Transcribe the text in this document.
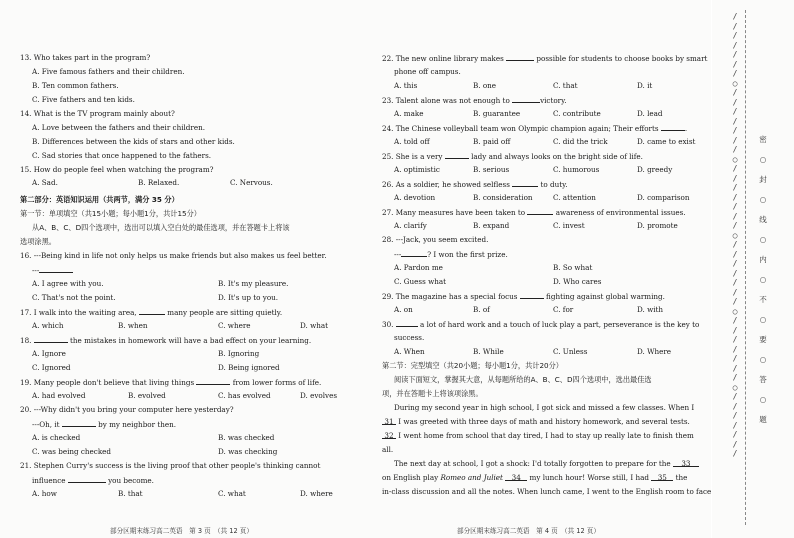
13. Who takes part in the program?
A. Five famous fathers and their children.
B. Ten common fathers.
C. Five fathers and ten kids.
14. What is the TV program mainly about?
A. Love between the fathers and their children.
B. Differences between the kids of stars and other kids.
C. Sad stories that once happened to the fathers.
15. How do people feel when watching the program?
A. Sad.	B. Relaxed.	C. Nervous.
第二部分：英语知识运用（共两节，满分 35 分）
第一节：单项填空（共15小题；每小题1分，共计15分）
从A、B、C、D四个选项中，选出可以填入空白处的最佳选项，并在答题卡上将该
选项涂黑。
16. ---Being kind in life not only helps us make friends but also makes us feel better.
---
A. I agree with you.	B. It's my pleasure.
C. That's not the point.	D. It's up to you.
17. I walk into the waiting area,	many people are sitting quietly.
A. which	B. when	C. where	D. what
18.	the mistakes in homework will have a bad effect on your learning.
A. Ignore	B. Ignoring
C. Ignored	D. Being ignored
19. Many people don't believe that living things	from lower forms of life.
A. had evolved	B. evolved	C. has evolved	D. evolves
20. ---Why didn't you bring your computer here yesterday?
---Oh, it	by my neighbor then.
A. is checked	B. was checked
C. was being checked	D. was checking
21. Stephen Curry's success is the living proof that other people's thinking cannot
influence	you become.
A. how	B. that	C. what	D. where
部分区期末练习高二英语　第 3 页　（共 12 页）
22. The new online library makes	possible for students to choose books by smart
phone off campus.
A. this	B. one	C. that	D. it
23. Talent alone was not enough to	victory.
A. make	B. guarantee	C. contribute	D. lead
24. The Chinese volleyball team won Olympic champion again; Their efforts	.
A. told off	B. paid off	C. did the trick	D. came to exist
25. She is a very	lady and always looks on the bright side of life.
A. optimistic	B. serious	C. humorous	D. greedy
26. As a soldier, he showed selfless	to duty.
A. devotion	B. consideration	C. attention	D. comparison
27. Many measures have been taken to	awareness of environmental issues.
A. clarify	B. expand	C. invest	D. promote
28. ---Jack, you seem excited.
---	? I won the first prize.
A. Pardon me	B. So what
C. Guess what	D. Who cares
29. The magazine has a special focus	fighting against global warming.
A. on	B. of	C. for	D. with
30.	a lot of hard work and a touch of luck play a part, perseverance is the key to
success.
A. When	B. While	C. Unless	D. Where
第二节：完型填空（共20小题；每小题1分，共计20分）
阅读下面短文，掌握其大意，从每题所给的A、B、C、D四个选项中，选出最佳选
项，并在答题卡上将该项涂黑。
During my second year in high school, I got sick and missed a few classes. When I
31 I was greeted with three days of math and history homework, and several tests.
32 I went home from school that day tired, I had to stay up really late to finish them
all.
The next day at school, I got a shock: I'd totally forgotten to prepare for the 33
on English play Romeo and Juliet 34 my lunch hour! Worse still, I had 35 the
in-class discussion and all the notes. When lunch came, I went to the English room to face
部分区期末练习高二英语　第 4 页　（共 12 页）
/
/
/
/
/
/
/
○
/
/
/
/
/
/
/
○
/
/
/
/
/
/
/
○
/
/
/
/
/
/
/
○
/
/
/
/
/
/
/
○
/
/
/
/
/
/
/
密
○
封
○
线
○
内
○
不
○
要
○
答
○
题
